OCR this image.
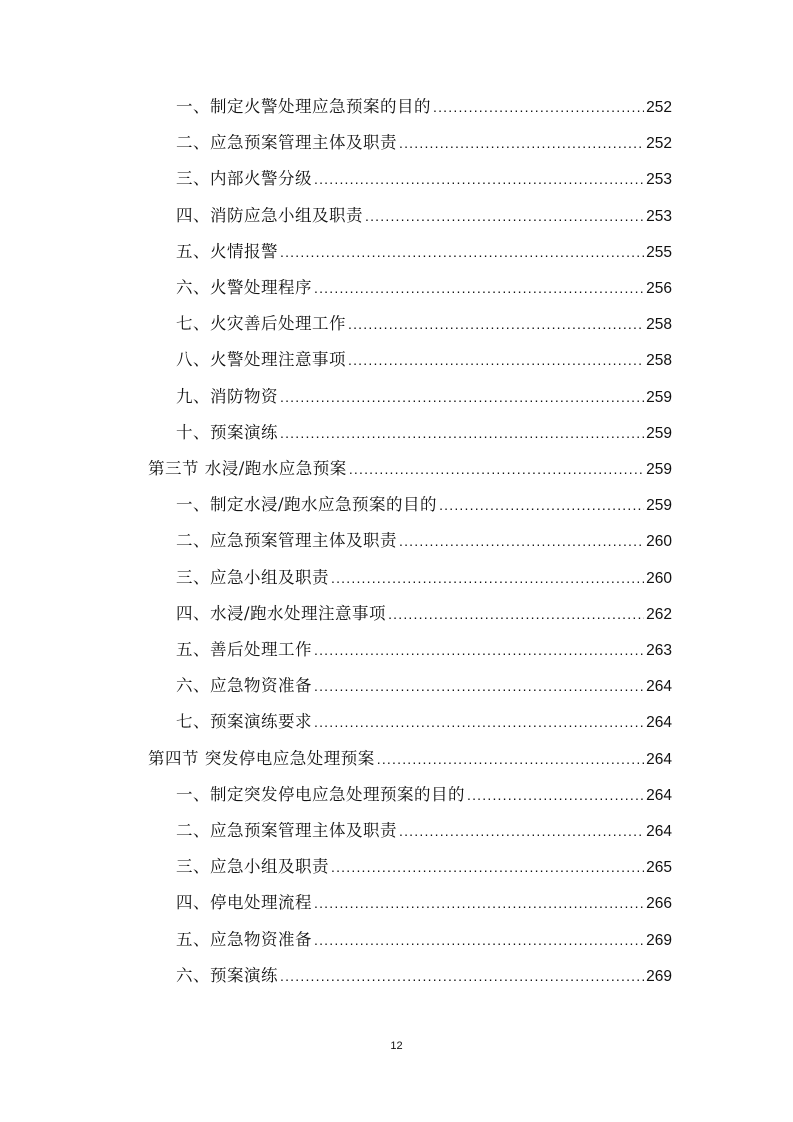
一、制定火警处理应急预案的目的 .....	252
二、应急预案管理主体及职责 .....	252
三、内部火警分级 .....	253
四、消防应急小组及职责 .....	253
五、火情报警 .....	255
六、火警处理程序 .....	256
七、火灾善后处理工作 .....	258
八、火警处理注意事项 .....	258
九、消防物资 .....	259
十、预案演练 .....	259
第三节 水浸/跑水应急预案 .....	259
一、制定水浸/跑水应急预案的目的 .....	259
二、应急预案管理主体及职责 .....	260
三、应急小组及职责 .....	260
四、水浸/跑水处理注意事项 .....	262
五、善后处理工作 .....	263
六、应急物资准备 .....	264
七、预案演练要求 .....	264
第四节 突发停电应急处理预案 .....	264
一、制定突发停电应急处理预案的目的 .....	264
二、应急预案管理主体及职责 .....	264
三、应急小组及职责 .....	265
四、停电处理流程 .....	266
五、应急物资准备 .....	269
六、预案演练 .....	269
12
